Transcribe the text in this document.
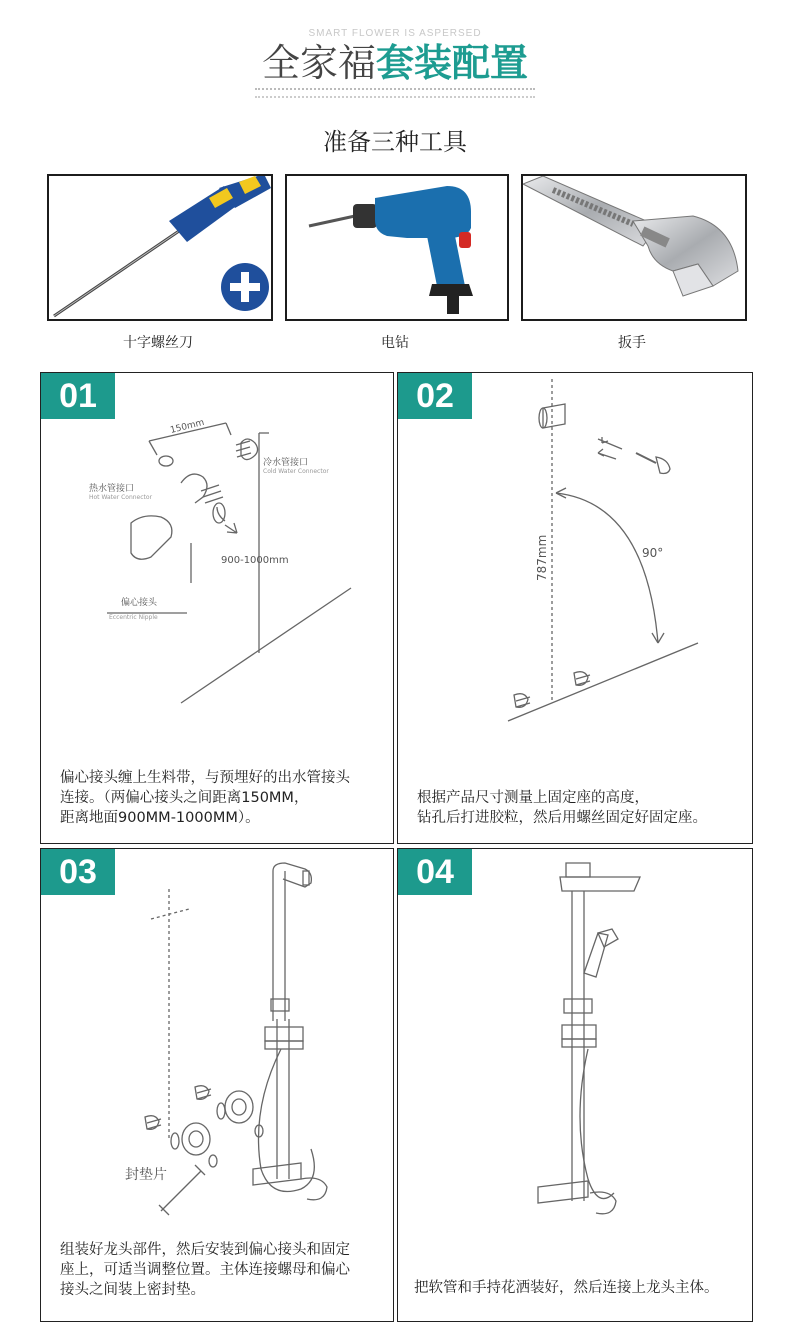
SMART FLOWER IS ASPERSED
全家福套装配置
准备三种工具
十字螺丝刀	电钻	扳手
01
150mm
冷水管接口
Cold Water Connector
热水管接口
Hot Water Connector
900-1000mm
偏心接头
Eccentric Nipple
偏心接头缠上生料带，与预埋好的出水管接头
连接。（两偏心接头之间距离150MM，
距离地面900MM-1000MM）。
02
787mm	90°
根据产品尺寸测量上固定座的高度，
钻孔后打进胶粒，然后用螺丝固定好固定座。
03
封垫片
组装好龙头部件，然后安装到偏心接头和固定
座上，可适当调整位置。主体连接螺母和偏心
接头之间装上密封垫。
04
把软管和手持花洒装好，然后连接上龙头主体。
